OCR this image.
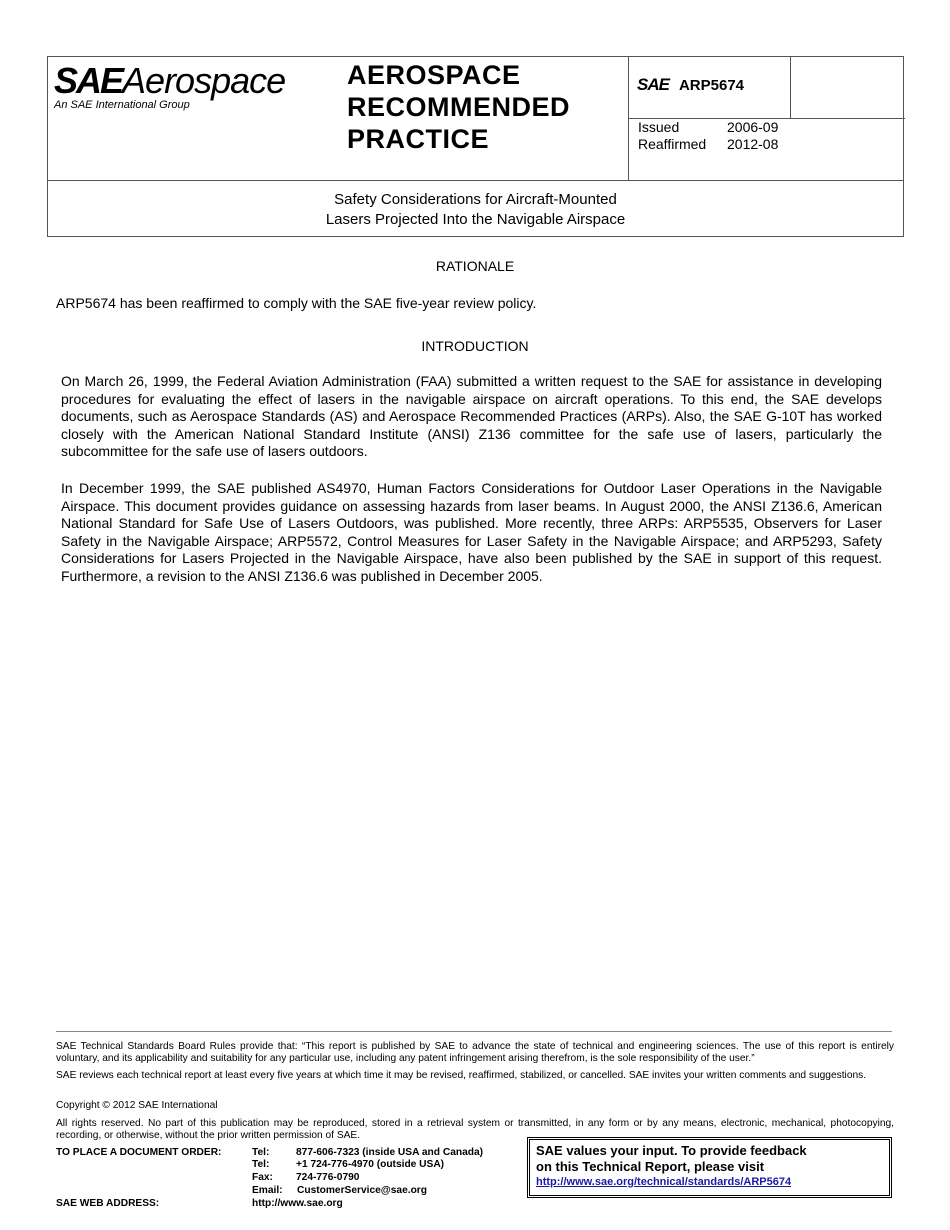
SAEAerospace
An SAE International Group
AEROSPACE
RECOMMENDED
PRACTICE
SAE ARP5674
Issued	2006-09
Reaffirmed	2012-08
Safety Considerations for Aircraft-Mounted
Lasers Projected Into the Navigable Airspace
RATIONALE
ARP5674 has been reaffirmed to comply with the SAE five-year review policy.
INTRODUCTION
On March 26, 1999, the Federal Aviation Administration (FAA) submitted a written request to the SAE for assistance in developing procedures for evaluating the effect of lasers in the navigable airspace on aircraft operations. To this end, the SAE develops documents, such as Aerospace Standards (AS) and Aerospace Recommended Practices (ARPs). Also, the SAE G-10T has worked closely with the American National Standard Institute (ANSI) Z136 committee for the safe use of lasers, particularly the subcommittee for the safe use of lasers outdoors.
In December 1999, the SAE published AS4970, Human Factors Considerations for Outdoor Laser Operations in the Navigable Airspace. This document provides guidance on assessing hazards from laser beams. In August 2000, the ANSI Z136.6, American National Standard for Safe Use of Lasers Outdoors, was published. More recently, three ARPs: ARP5535, Observers for Laser Safety in the Navigable Airspace; ARP5572, Control Measures for Laser Safety in the Navigable Airspace; and ARP5293, Safety Considerations for Lasers Projected in the Navigable Airspace, have also been published by the SAE in support of this request. Furthermore, a revision to the ANSI Z136.6 was published in December 2005.
SAE Technical Standards Board Rules provide that: “This report is published by SAE to advance the state of technical and engineering sciences. The use of this report is entirely voluntary, and its applicability and suitability for any particular use, including any patent infringement arising therefrom, is the sole responsibility of the user.”
SAE reviews each technical report at least every five years at which time it may be revised, reaffirmed, stabilized, or cancelled. SAE invites your written comments and suggestions.
Copyright © 2012 SAE International
All rights reserved. No part of this publication may be reproduced, stored in a retrieval system or transmitted, in any form or by any means, electronic, mechanical, photocopying, recording, or otherwise, without the prior written permission of SAE.
TO PLACE A DOCUMENT ORDER:	Tel:	877-606-7323 (inside USA and Canada)
Tel:	+1 724-776-4970 (outside USA)
Fax: 724-776-0790
Email: CustomerService@sae.org
SAE WEB ADDRESS:	http://www.sae.org
SAE values your input. To provide feedback
on this Technical Report, please visit
http://www.sae.org/technical/standards/ARP5674
